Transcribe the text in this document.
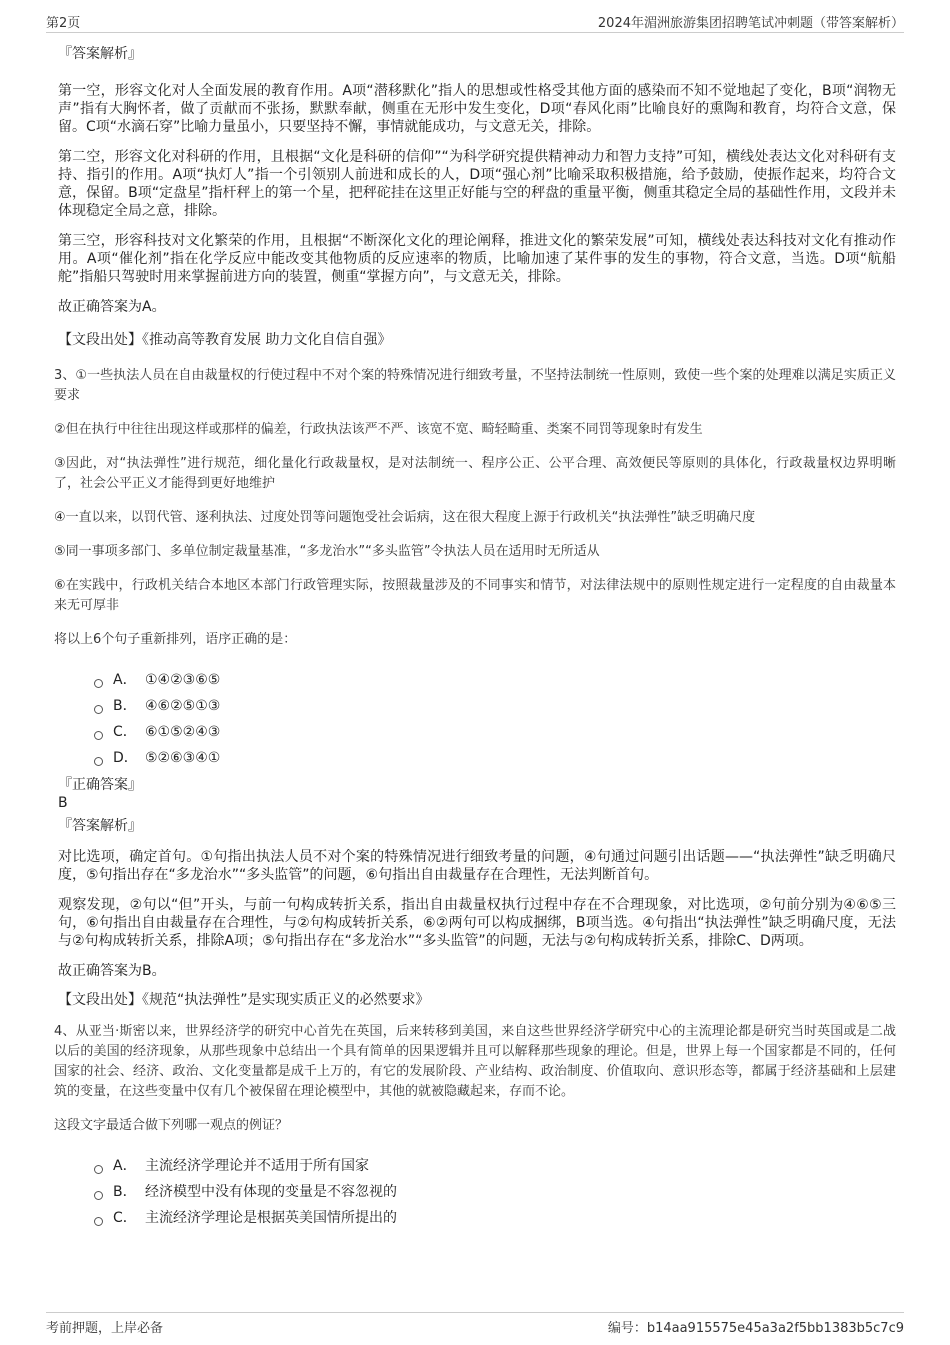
第2页	2024年湄洲旅游集团招聘笔试冲刺题（带答案解析）
『答案解析』
第一空，形容文化对人全面发展的教育作用。A项“潜移默化”指人的思想或性格受其他方面的感染而不知不觉地起了变化，B项“润物无声”指有大胸怀者，做了贡献而不张扬，默默奉献，侧重在无形中发生变化，D项“春风化雨”比喻良好的熏陶和教育，均符合文意，保留。C项“水滴石穿”比喻力量虽小，只要坚持不懈，事情就能成功，与文意无关，排除。
第二空，形容文化对科研的作用，且根据“文化是科研的信仰”“为科学研究提供精神动力和智力支持”可知，横线处表达文化对科研有支持、指引的作用。A项“执灯人”指一个引领别人前进和成长的人，D项“强心剂”比喻采取积极措施，给予鼓励，使振作起来，均符合文意，保留。B项“定盘星”指杆秤上的第一个星，把秤砣挂在这里正好能与空的秤盘的重量平衡，侧重其稳定全局的基础性作用，文段并未体现稳定全局之意，排除。
第三空，形容科技对文化繁荣的作用，且根据“不断深化文化的理论阐释，推进文化的繁荣发展”可知，横线处表达科技对文化有推动作用。A项“催化剂”指在化学反应中能改变其他物质的反应速率的物质，比喻加速了某件事的发生的事物，符合文意，当选。D项“航船舵”指船只驾驶时用来掌握前进方向的装置，侧重“掌握方向”，与文意无关，排除。
故正确答案为A。
【文段出处】《推动高等教育发展 助力文化自信自强》
3、①一些执法人员在自由裁量权的行使过程中不对个案的特殊情况进行细致考量，不坚持法制统一性原则，致使一些个案的处理难以满足实质正义要求
②但在执行中往往出现这样或那样的偏差，行政执法该严不严、该宽不宽、畸轻畸重、类案不同罚等现象时有发生
③因此，对“执法弹性”进行规范，细化量化行政裁量权，是对法制统一、程序公正、公平合理、高效便民等原则的具体化，行政裁量权边界明晰了，社会公平正义才能得到更好地维护
④一直以来，以罚代管、逐利执法、过度处罚等问题饱受社会诟病，这在很大程度上源于行政机关“执法弹性”缺乏明确尺度
⑤同一事项多部门、多单位制定裁量基准，“多龙治水”“多头监管”令执法人员在适用时无所适从
⑥在实践中，行政机关结合本地区本部门行政管理实际，按照裁量涉及的不同事实和情节，对法律法规中的原则性规定进行一定程度的自由裁量本来无可厚非
将以上6个句子重新排列，语序正确的是：
A． ①④②③⑥⑤
B． ④⑥②⑤①③
C． ⑥①⑤②④③
D． ⑤②⑥③④①
『正确答案』
B
『答案解析』
对比选项，确定首句。①句指出执法人员不对个案的特殊情况进行细致考量的问题，④句通过问题引出话题——“执法弹性”缺乏明确尺度，⑤句指出存在“多龙治水”“多头监管”的问题，⑥句指出自由裁量存在合理性，无法判断首句。
观察发现，②句以“但”开头，与前一句构成转折关系，指出自由裁量权执行过程中存在不合理现象，对比选项，②句前分别为④⑥⑤三句，⑥句指出自由裁量存在合理性，与②句构成转折关系，⑥②两句可以构成捆绑，B项当选。④句指出“执法弹性”缺乏明确尺度，无法与②句构成转折关系，排除A项；⑤句指出存在“多龙治水”“多头监管”的问题，无法与②句构成转折关系，排除C、D两项。
故正确答案为B。
【文段出处】《规范“执法弹性”是实现实质正义的必然要求》
4、从亚当·斯密以来，世界经济学的研究中心首先在英国，后来转移到美国，来自这些世界经济学研究中心的主流理论都是研究当时英国或是二战以后的美国的经济现象，从那些现象中总结出一个具有简单的因果逻辑并且可以解释那些现象的理论。但是，世界上每一个国家都是不同的，任何国家的社会、经济、政治、文化变量都是成千上万的，有它的发展阶段、产业结构、政治制度、价值取向、意识形态等，都属于经济基础和上层建筑的变量，在这些变量中仅有几个被保留在理论模型中，其他的就被隐藏起来，存而不论。
这段文字最适合做下列哪一观点的例证？
A． 主流经济学理论并不适用于所有国家
B． 经济模型中没有体现的变量是不容忽视的
C． 主流经济学理论是根据英美国情所提出的
考前押题，上岸必备	编号：b14aa915575e45a3a2f5bb1383b5c7c9
